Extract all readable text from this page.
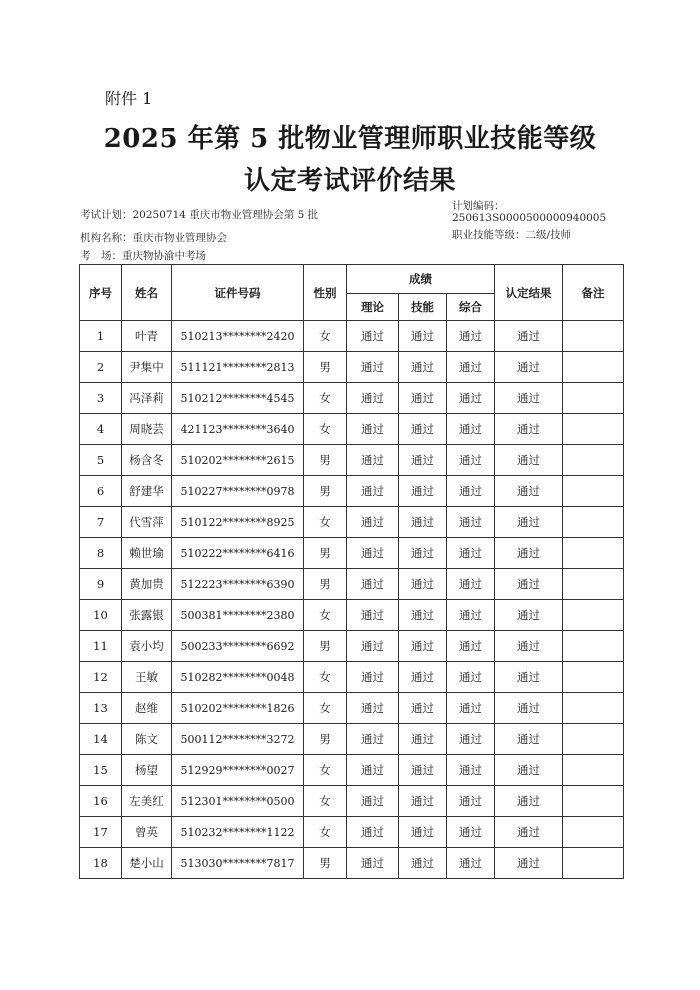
附件 1
2025 年第 5 批物业管理师职业技能等级
认定考试评价结果
考试计划：20250714 重庆市物业管理协会第 5 批
计划编码：
250613S0000500000940005
机构名称：重庆市物业管理协会	职业技能等级：二级/技师
考　场：重庆物协渝中考场
序号	姓名	证件号码	性别	成绩			认定结果	备注
				理论	技能	综合		
1	叶青	510213********2420	女	通过	通过	通过	通过	
2	尹集中	511121********2813	男	通过	通过	通过	通过	
3	冯泽莉	510212********4545	女	通过	通过	通过	通过	
4	周晓芸	421123********3640	女	通过	通过	通过	通过	
5	杨含冬	510202********2615	男	通过	通过	通过	通过	
6	舒建华	510227********0978	男	通过	通过	通过	通过	
7	代雪萍	510122********8925	女	通过	通过	通过	通过	
8	赖世瑜	510222********6416	男	通过	通过	通过	通过	
9	黄加贵	512223********6390	男	通过	通过	通过	通过	
10	张露银	500381********2380	女	通过	通过	通过	通过	
11	袁小均	500233********6692	男	通过	通过	通过	通过	
12	王敏	510282********0048	女	通过	通过	通过	通过	
13	赵维	510202********1826	女	通过	通过	通过	通过	
14	陈文	500112********3272	男	通过	通过	通过	通过	
15	杨望	512929********0027	女	通过	通过	通过	通过	
16	左美红	512301********0500	女	通过	通过	通过	通过	
17	曾英	510232********1122	女	通过	通过	通过	通过	
18	楚小山	513030********7817	男	通过	通过	通过	通过	
